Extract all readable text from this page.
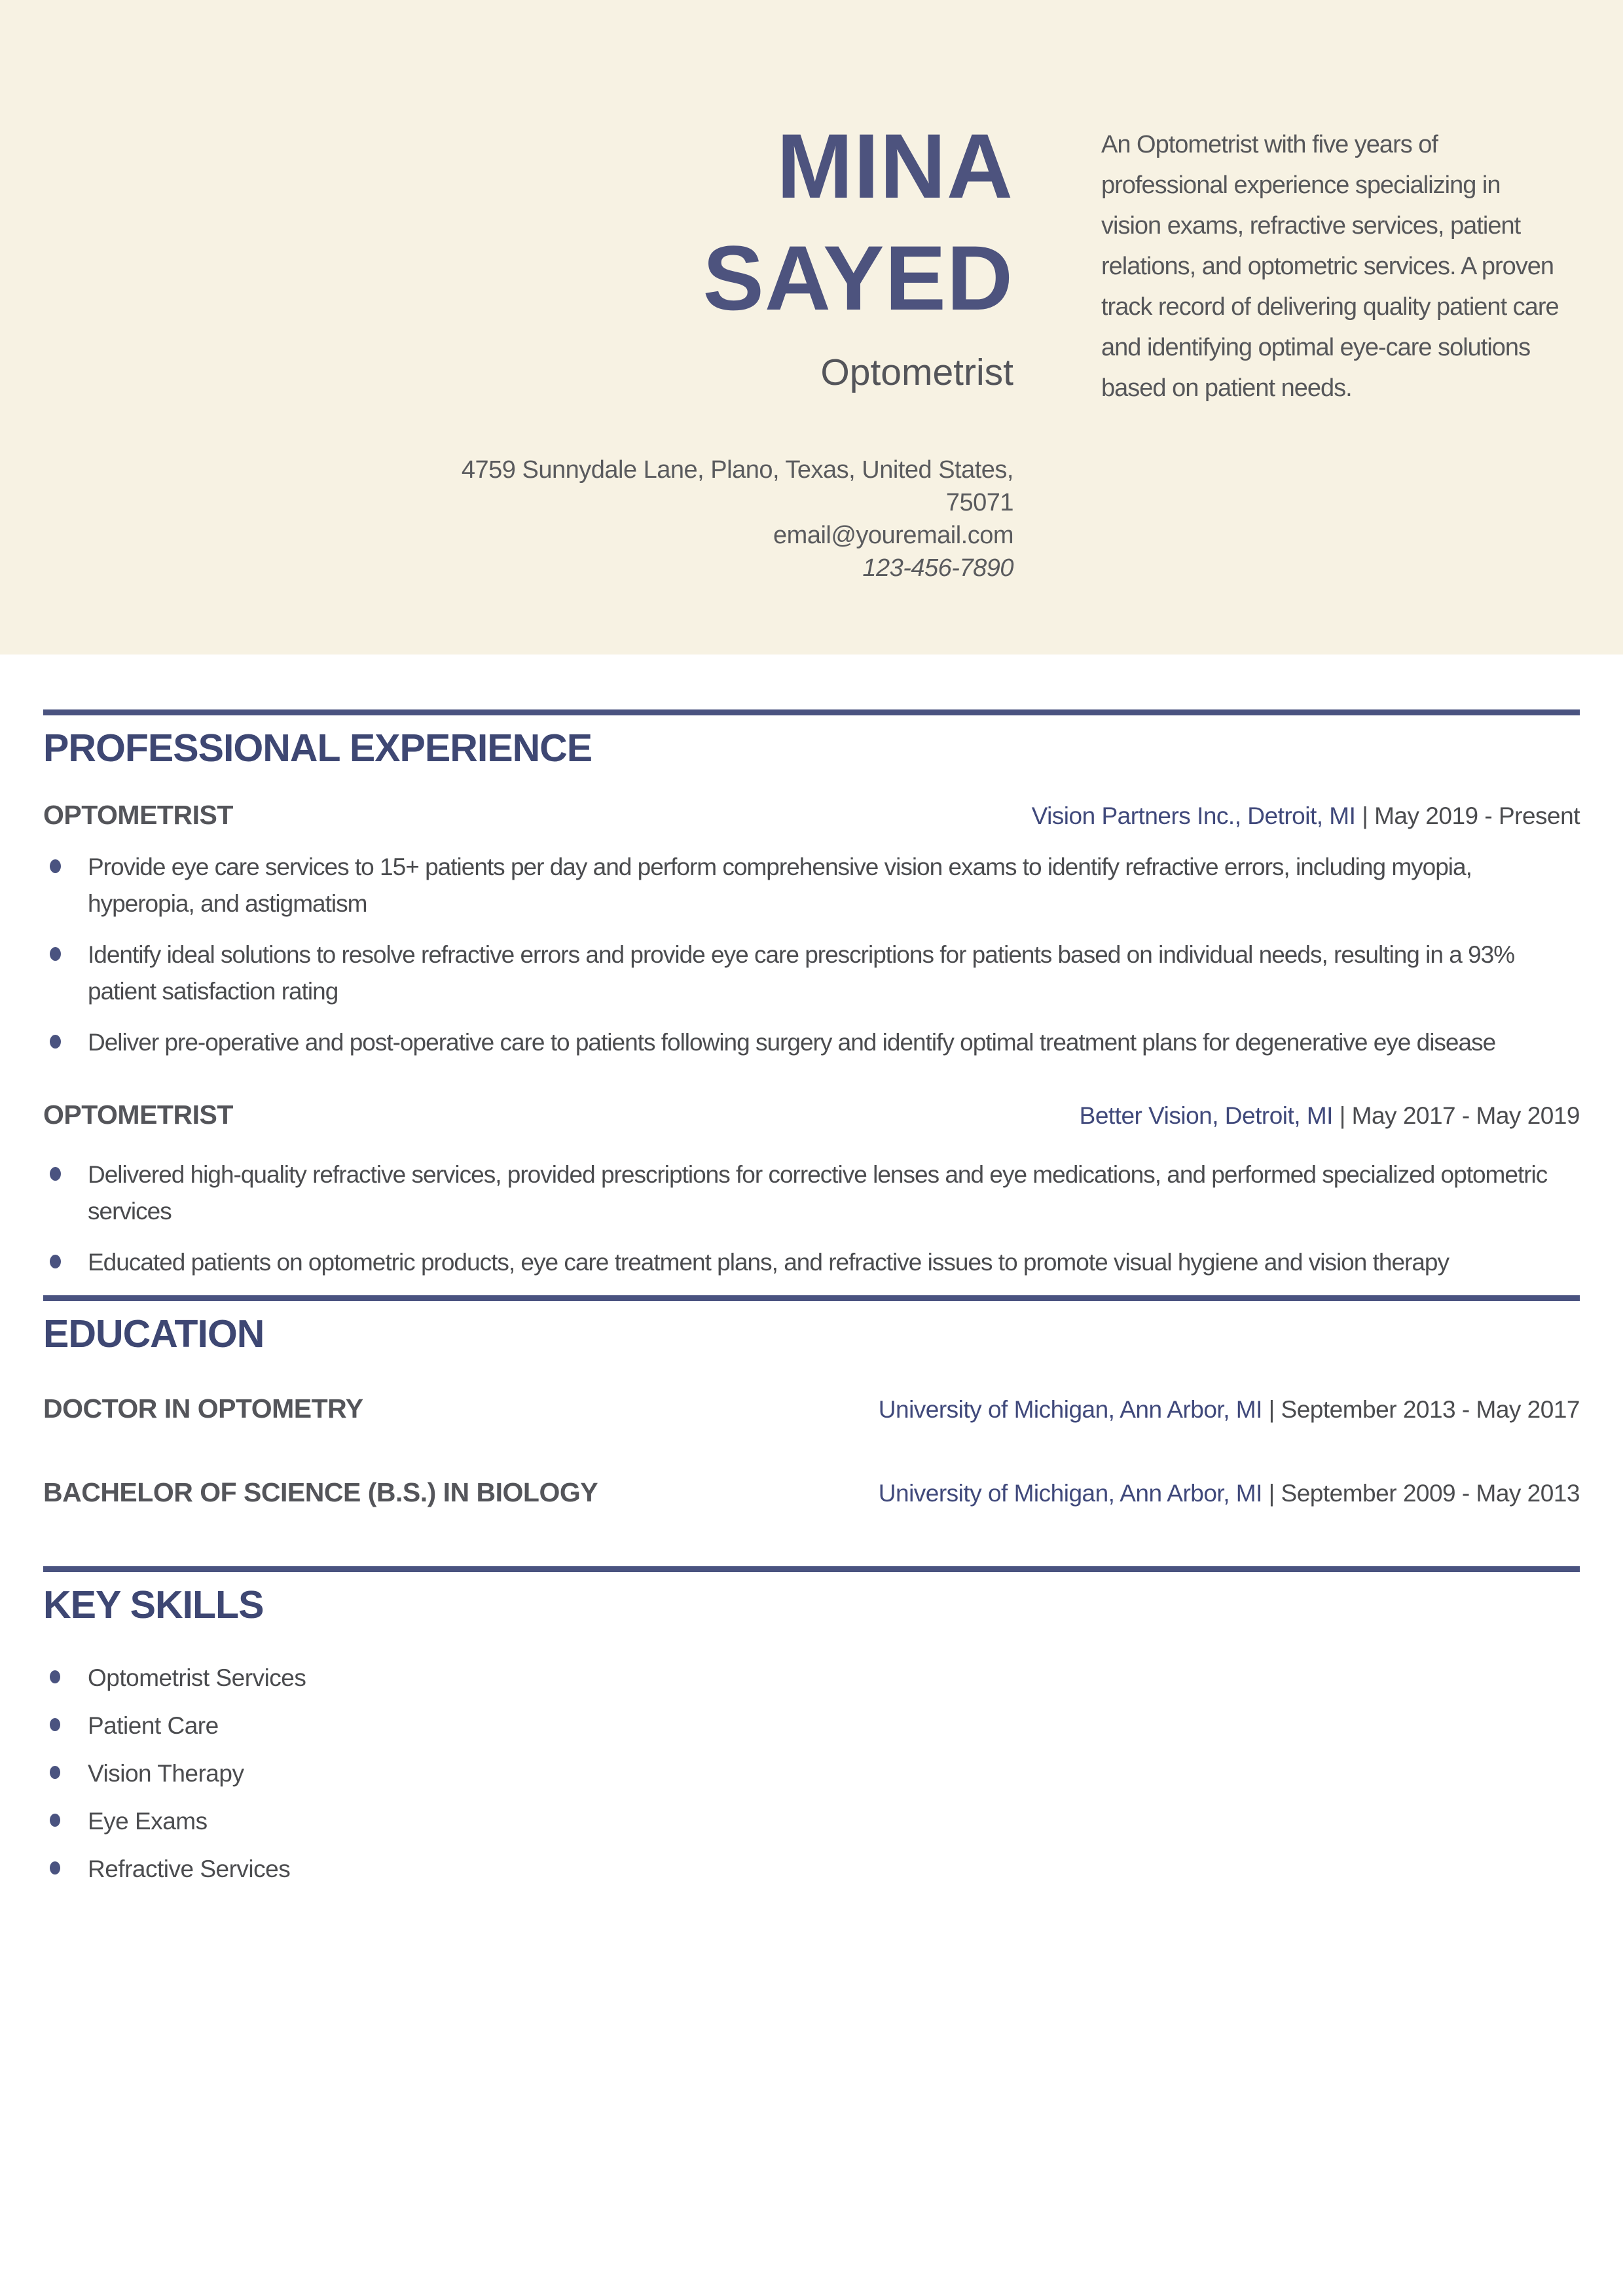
MINA
SAYED
Optometrist
An Optometrist with five years of professional experience specializing in vision exams, refractive services, patient relations, and optometric services. A proven track record of delivering quality patient care and identifying optimal eye-care solutions based on patient needs.
4759 Sunnydale Lane, Plano, Texas, United States,
75071
email@youremail.com
123-456-7890
PROFESSIONAL EXPERIENCE
OPTOMETRIST	Vision Partners Inc., Detroit, MI | May 2019 - Present
Provide eye care services to 15+ patients per day and perform comprehensive vision exams to identify refractive errors, including myopia, hyperopia, and astigmatism
Identify ideal solutions to resolve refractive errors and provide eye care prescriptions for patients based on individual needs, resulting in a 93% patient satisfaction rating
Deliver pre-operative and post-operative care to patients following surgery and identify optimal treatment plans for degenerative eye disease
OPTOMETRIST	Better Vision, Detroit, MI | May 2017 - May 2019
Delivered high-quality refractive services, provided prescriptions for corrective lenses and eye medications, and performed specialized optometric services
Educated patients on optometric products, eye care treatment plans, and refractive issues to promote visual hygiene and vision therapy
EDUCATION
DOCTOR IN OPTOMETRY	University of Michigan, Ann Arbor, MI | September 2013 - May 2017
BACHELOR OF SCIENCE (B.S.) IN BIOLOGY	University of Michigan, Ann Arbor, MI | September 2009 - May 2013
KEY SKILLS
Optometrist Services
Patient Care
Vision Therapy
Eye Exams
Refractive Services
